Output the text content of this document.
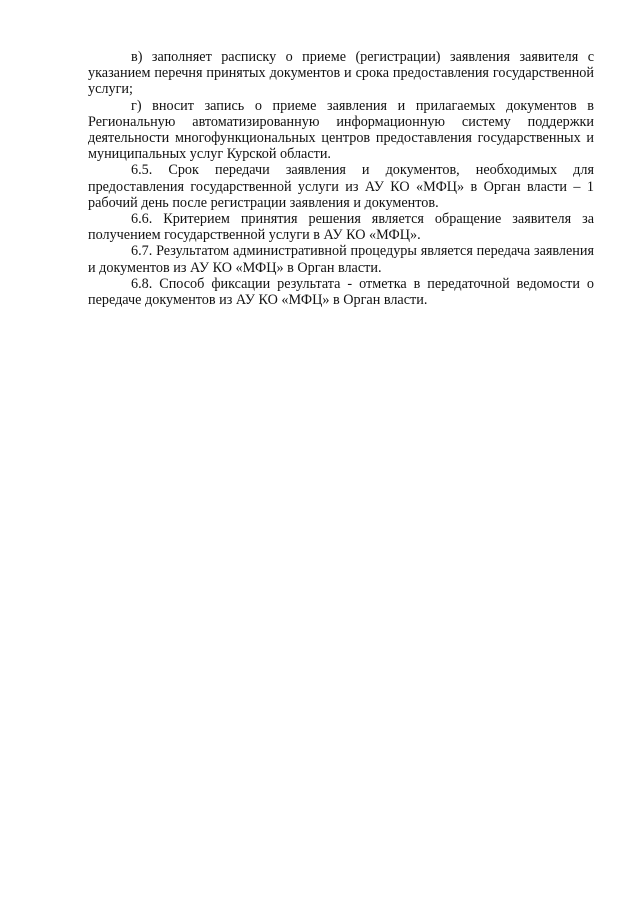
в) заполняет расписку о приеме (регистрации) заявления заявителя с указанием перечня принятых документов и срока предоставления государственной услуги;

г) вносит запись о приеме заявления и прилагаемых документов в Региональную автоматизированную информационную систему поддержки деятельности многофункциональных центров предоставления государственных и муниципальных услуг Курской области.

6.5. Срок передачи заявления и документов, необходимых для предоставления государственной услуги из АУ КО «МФЦ» в Орган власти – 1 рабочий день после регистрации заявления и документов.

6.6. Критерием принятия решения является обращение заявителя за получением государственной услуги в АУ КО «МФЦ».

6.7. Результатом административной процедуры является передача заявления и документов из АУ КО «МФЦ» в Орган власти.

6.8. Способ фиксации результата - отметка в передаточной ведомости о передаче документов из АУ КО «МФЦ» в Орган власти.
